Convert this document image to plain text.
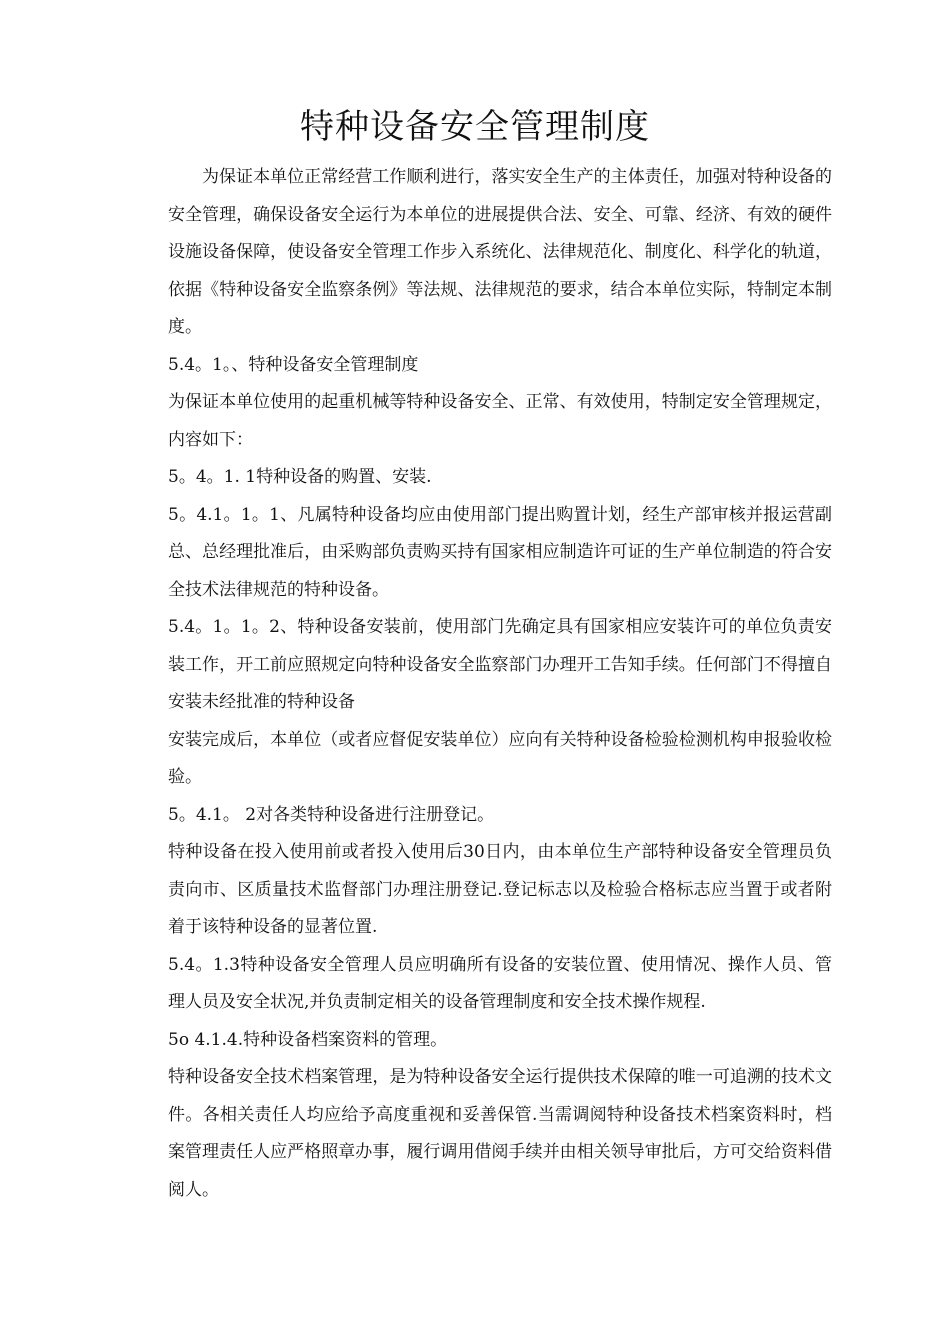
特种设备安全管理制度

为保证本单位正常经营工作顺利进行，落实安全生产的主体责任，加强对特种设备的安全管理，确保设备安全运行为本单位的进展提供合法、安全、可靠、经济、有效的硬件设施设备保障，使设备安全管理工作步入系统化、法律规范化、制度化、科学化的轨道，依据《特种设备安全监察条例》等法规、法律规范的要求，结合本单位实际，特制定本制度。

5.4。1。、特种设备安全管理制度

为保证本单位使用的起重机械等特种设备安全、正常、有效使用，特制定安全管理规定，内容如下：

5。4。1. 1特种设备的购置、安装.

5。4.1。1。1、凡属特种设备均应由使用部门提出购置计划，经生产部审核并报运营副总、总经理批准后，由采购部负责购买持有国家相应制造许可证的生产单位制造的符合安全技术法律规范的特种设备。

5.4。1。1。2、特种设备安装前，使用部门先确定具有国家相应安装许可的单位负责安装工作，开工前应照规定向特种设备安全监察部门办理开工告知手续。任何部门不得擅自安装未经批准的特种设备

安装完成后，本单位（或者应督促安装单位）应向有关特种设备检验检测机构申报验收检验。

5。4.1。 2对各类特种设备进行注册登记。

特种设备在投入使用前或者投入使用后30日内，由本单位生产部特种设备安全管理员负责向市、区质量技术监督部门办理注册登记.登记标志以及检验合格标志应当置于或者附着于该特种设备的显著位置.

5.4。1.3特种设备安全管理人员应明确所有设备的安装位置、使用情况、操作人员、管理人员及安全状况,并负责制定相关的设备管理制度和安全技术操作规程.

5o 4.1.4.特种设备档案资料的管理。

特种设备安全技术档案管理，是为特种设备安全运行提供技术保障的唯一可追溯的技术文件。各相关责任人均应给予高度重视和妥善保管.当需调阅特种设备技术档案资料时，档案管理责任人应严格照章办事，履行调用借阅手续并由相关领导审批后，方可交给资料借阅人。
